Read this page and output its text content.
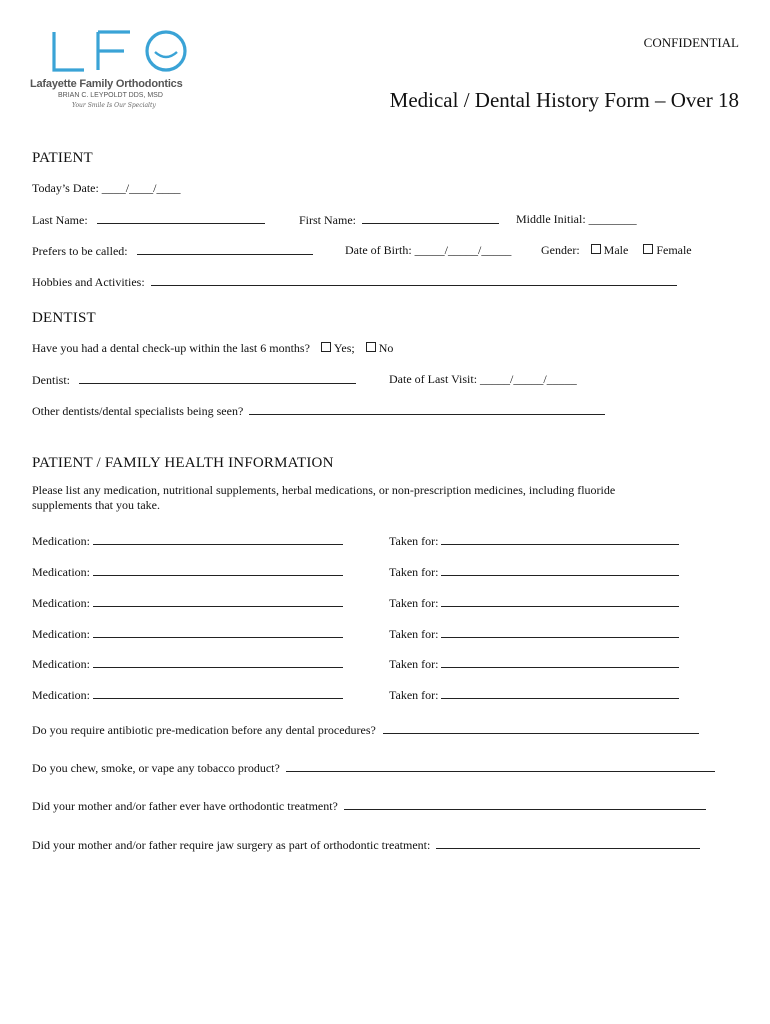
Lafayette Family Orthodontics
BRIAN C. LEYPOLDT DDS, MSD
Your Smile Is Our Specialty
CONFIDENTIAL
Medical / Dental History Form – Over 18
PATIENT
Today’s Date: ____/____/____
Last Name:	First Name:	Middle Initial: ________
Prefers to be called:	Date of Birth: _____/_____/_____ Gender: Male Female
Hobbies and Activities:
DENTIST
Have you had a dental check-up within the last 6 months? Yes; No
Dentist:	Date of Last Visit: _____/_____/_____
Other dentists/dental specialists being seen?
PATIENT / FAMILY HEALTH INFORMATION
Please list any medication, nutritional supplements, herbal medications, or non-prescription medicines, including fluoride
supplements that you take.
Medication:	Taken for:
Medication:	Taken for:
Medication:	Taken for:
Medication:	Taken for:
Medication:	Taken for:
Medication:	Taken for:
Do you require antibiotic pre-medication before any dental procedures?
Do you chew, smoke, or vape any tobacco product?
Did your mother and/or father ever have orthodontic treatment?
Did your mother and/or father require jaw surgery as part of orthodontic treatment:
